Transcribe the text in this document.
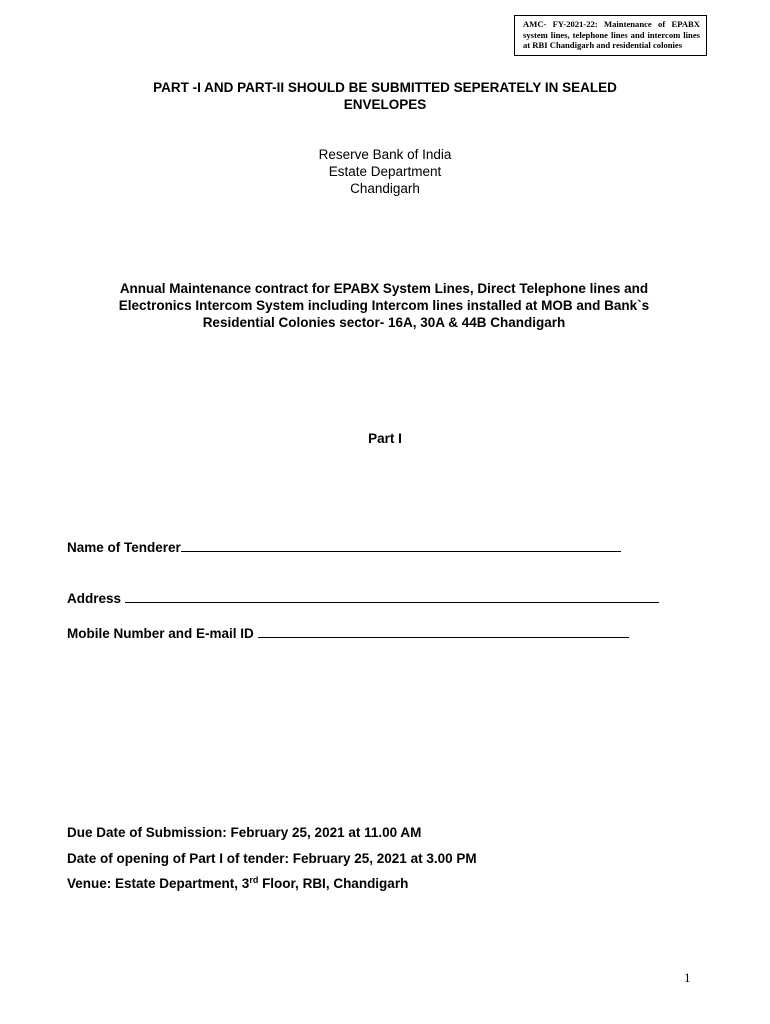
AMC- FY-2021-22: Maintenance of EPABX system lines, telephone lines and intercom lines at RBI Chandigarh and residential colonies
PART -I AND PART-II SHOULD BE SUBMITTED SEPERATELY IN SEALED
ENVELOPES
Reserve Bank of India
Estate Department
Chandigarh
Annual Maintenance contract for EPABX System Lines, Direct Telephone lines and
Electronics Intercom System including Intercom lines installed at MOB and Bank`s
Residential Colonies sector- 16A, 30A & 44B Chandigarh
Part I
Name of Tenderer
Address
Mobile Number and E-mail ID
Due Date of Submission: February 25, 2021 at 11.00 AM
Date of opening of Part I of tender: February 25, 2021 at 3.00 PM
Venue: Estate Department, 3rd Floor, RBI, Chandigarh
1
